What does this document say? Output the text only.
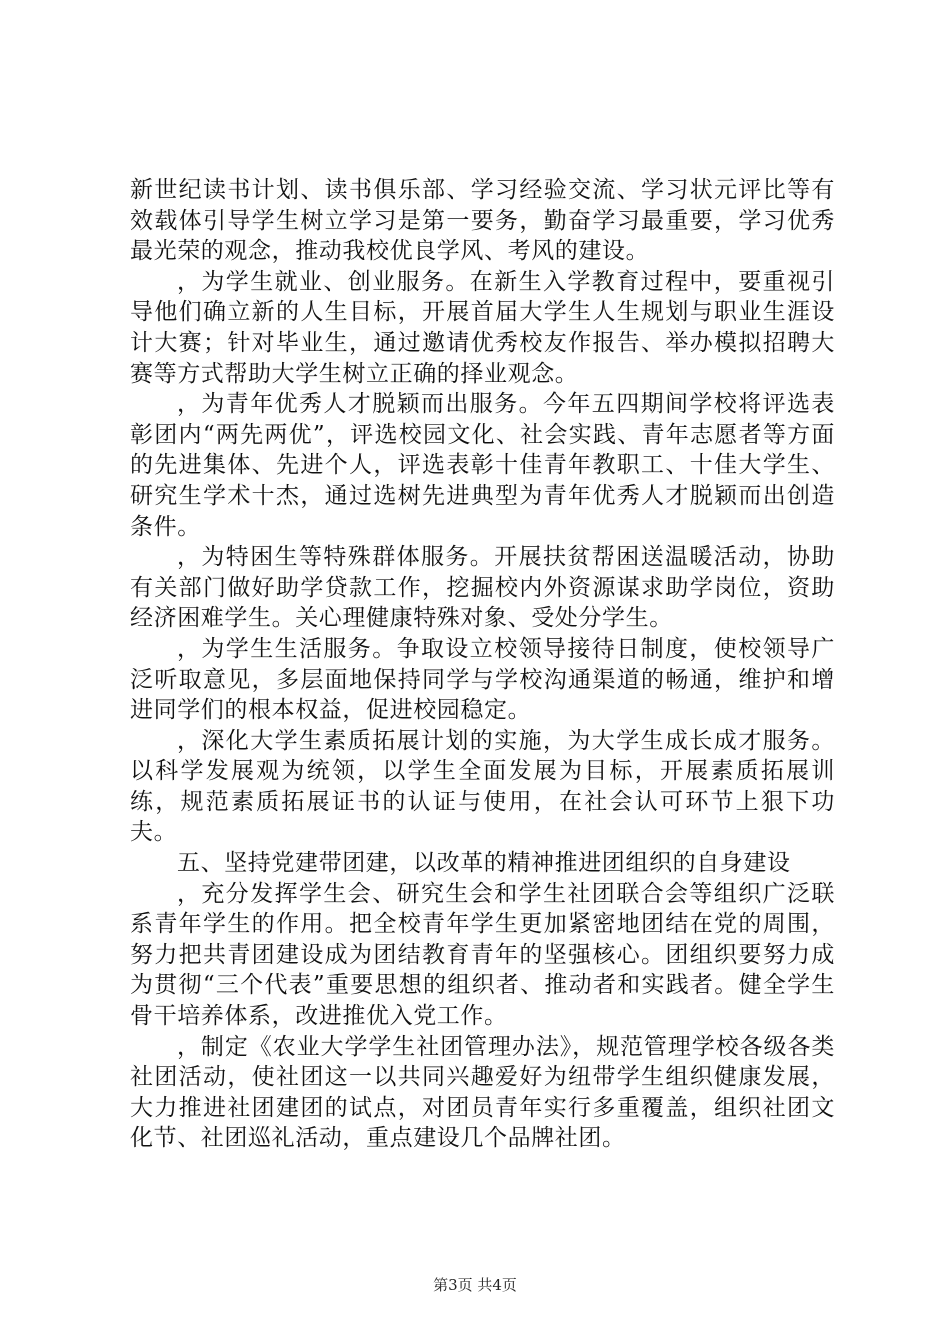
新世纪读书计划、读书俱乐部、学习经验交流、学习状元评比等有效载体引导学生树立学习是第一要务，勤奋学习最重要，学习优秀最光荣的观念，推动我校优良学风、考风的建设。

，为学生就业、创业服务。在新生入学教育过程中，要重视引导他们确立新的人生目标，开展首届大学生人生规划与职业生涯设计大赛；针对毕业生，通过邀请优秀校友作报告、举办模拟招聘大赛等方式帮助大学生树立正确的择业观念。

，为青年优秀人才脱颖而出服务。今年五四期间学校将评选表彰团内“两先两优”，评选校园文化、社会实践、青年志愿者等方面的先进集体、先进个人，评选表彰十佳青年教职工、十佳大学生、研究生学术十杰，通过选树先进典型为青年优秀人才脱颖而出创造条件。

，为特困生等特殊群体服务。开展扶贫帮困送温暖活动，协助有关部门做好助学贷款工作，挖掘校内外资源谋求助学岗位，资助经济困难学生。关心理健康特殊对象、受处分学生。

，为学生生活服务。争取设立校领导接待日制度，使校领导广泛听取意见，多层面地保持同学与学校沟通渠道的畅通，维护和增进同学们的根本权益，促进校园稳定。

，深化大学生素质拓展计划的实施，为大学生成长成才服务。以科学发展观为统领，以学生全面发展为目标，开展素质拓展训练，规范素质拓展证书的认证与使用，在社会认可环节上狠下功夫。

五、坚持党建带团建，以改革的精神推进团组织的自身建设

，充分发挥学生会、研究生会和学生社团联合会等组织广泛联系青年学生的作用。把全校青年学生更加紧密地团结在党的周围，努力把共青团建设成为团结教育青年的坚强核心。团组织要努力成为贯彻“三个代表”重要思想的组织者、推动者和实践者。健全学生骨干培养体系，改进推优入党工作。

，制定《农业大学学生社团管理办法》，规范管理学校各级各类社团活动，使社团这一以共同兴趣爱好为纽带学生组织健康发展，大力推进社团建团的试点，对团员青年实行多重覆盖，组织社团文化节、社团巡礼活动，重点建设几个品牌社团。

第3页 共4页
